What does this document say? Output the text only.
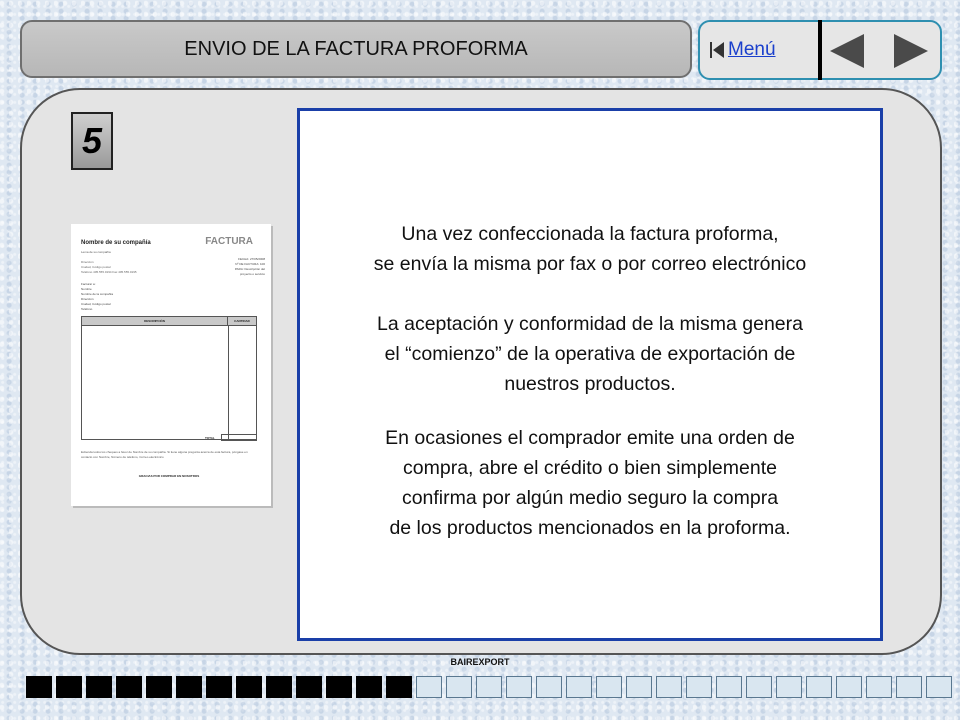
ENVIO DE LA FACTURA PROFORMA	Menú
5
Nombre de su compañía
Lema de su compañía
FACTURA
Dirección
Ciudad, Código postal
Teléfono 405.555.0194 Fax 405.555.0195
FECHA: 27/05/2008
Nº DE FACTURA: 100
PARA: Descripción del
proyecto o servicio
Facturar a:
Nombre
Nombre de la compañía
Dirección
Ciudad, Código postal
Teléfono
DESCRIPCIÓN	CANTIDAD
TOTAL
Extienda todos los cheques a favor de Nombre de su compañía. Si tiene alguna pregunta acerca de esta factura, póngase en contacto con Nombre, Número de teléfono, Correo electrónico
GRACIAS POR COMPRAR EN NOSOTROS
Una vez confeccionada la factura proforma,
se envía la misma por fax o por correo electrónico
La aceptación y conformidad de la misma genera
el “comienzo” de la operativa de exportación de
nuestros productos.
En ocasiones el comprador emite una orden de
compra, abre el crédito o bien simplemente
confirma por algún medio seguro la compra
de los productos mencionados en la proforma.
BAIREXPORT
